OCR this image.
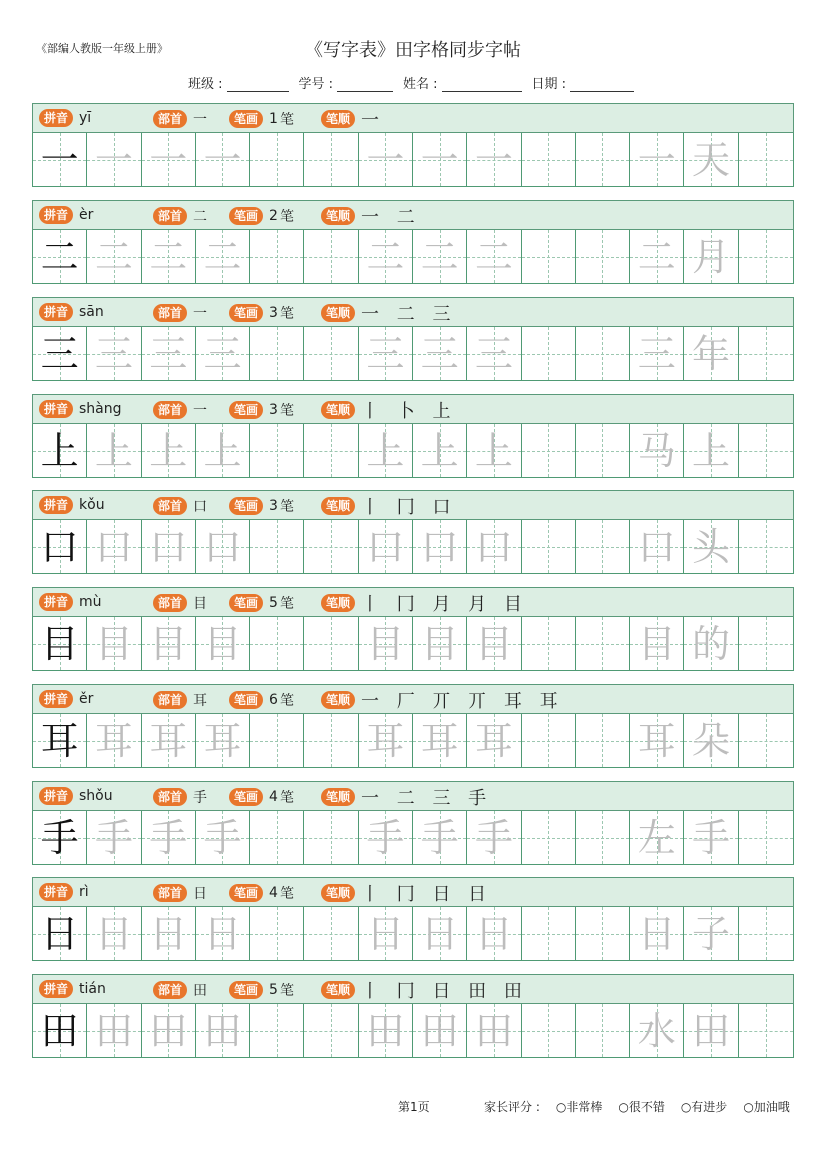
《部编人教版一年级上册》	《写字表》田字格同步字帖
班级 :	学号 :	姓名 :	日期 :
拼音 yī	部首 一	笔画 1 笔	笔顺 一
一 一 一 一	一 一 一	一 天
拼音 èr	部首 二	笔画 2 笔	笔顺 一 二
二 二 二 二	二 二 二	二 月
拼音 sān	部首 一	笔画 3 笔	笔顺 一 二 三
三 三 三 三	三 三 三	三 年
拼音 shàng	部首 一	笔画 3 笔	笔顺 丨 卜 上
上 上 上 上	上 上 上	马 上
拼音 kǒu	部首 口	笔画 3 笔	笔顺 丨 冂 口
口 口 口 口	口 口 口	口 头
拼音 mù	部首 目	笔画 5 笔	笔顺 丨 冂 月 月 目
目 目 目 目	目 目 目	目 的
拼音 ěr	部首 耳	笔画 6 笔	笔顺 一 厂 丌 丌 耳 耳
耳 耳 耳 耳	耳 耳 耳	耳 朵
拼音 shǒu	部首 手	笔画 4 笔	笔顺 一 二 三 手
手 手 手 手	手 手 手	左 手
拼音 rì	部首 日	笔画 4 笔	笔顺 丨 冂 日 日
日 日 日 日	日 日 日	日 子
拼音 tián	部首 田	笔画 5 笔	笔顺 丨 冂 日 田 田
田 田 田 田	田 田 田	水 田
第1页	家长评分 : ○非常棒 ○很不错 ○有进步 ○加油哦
